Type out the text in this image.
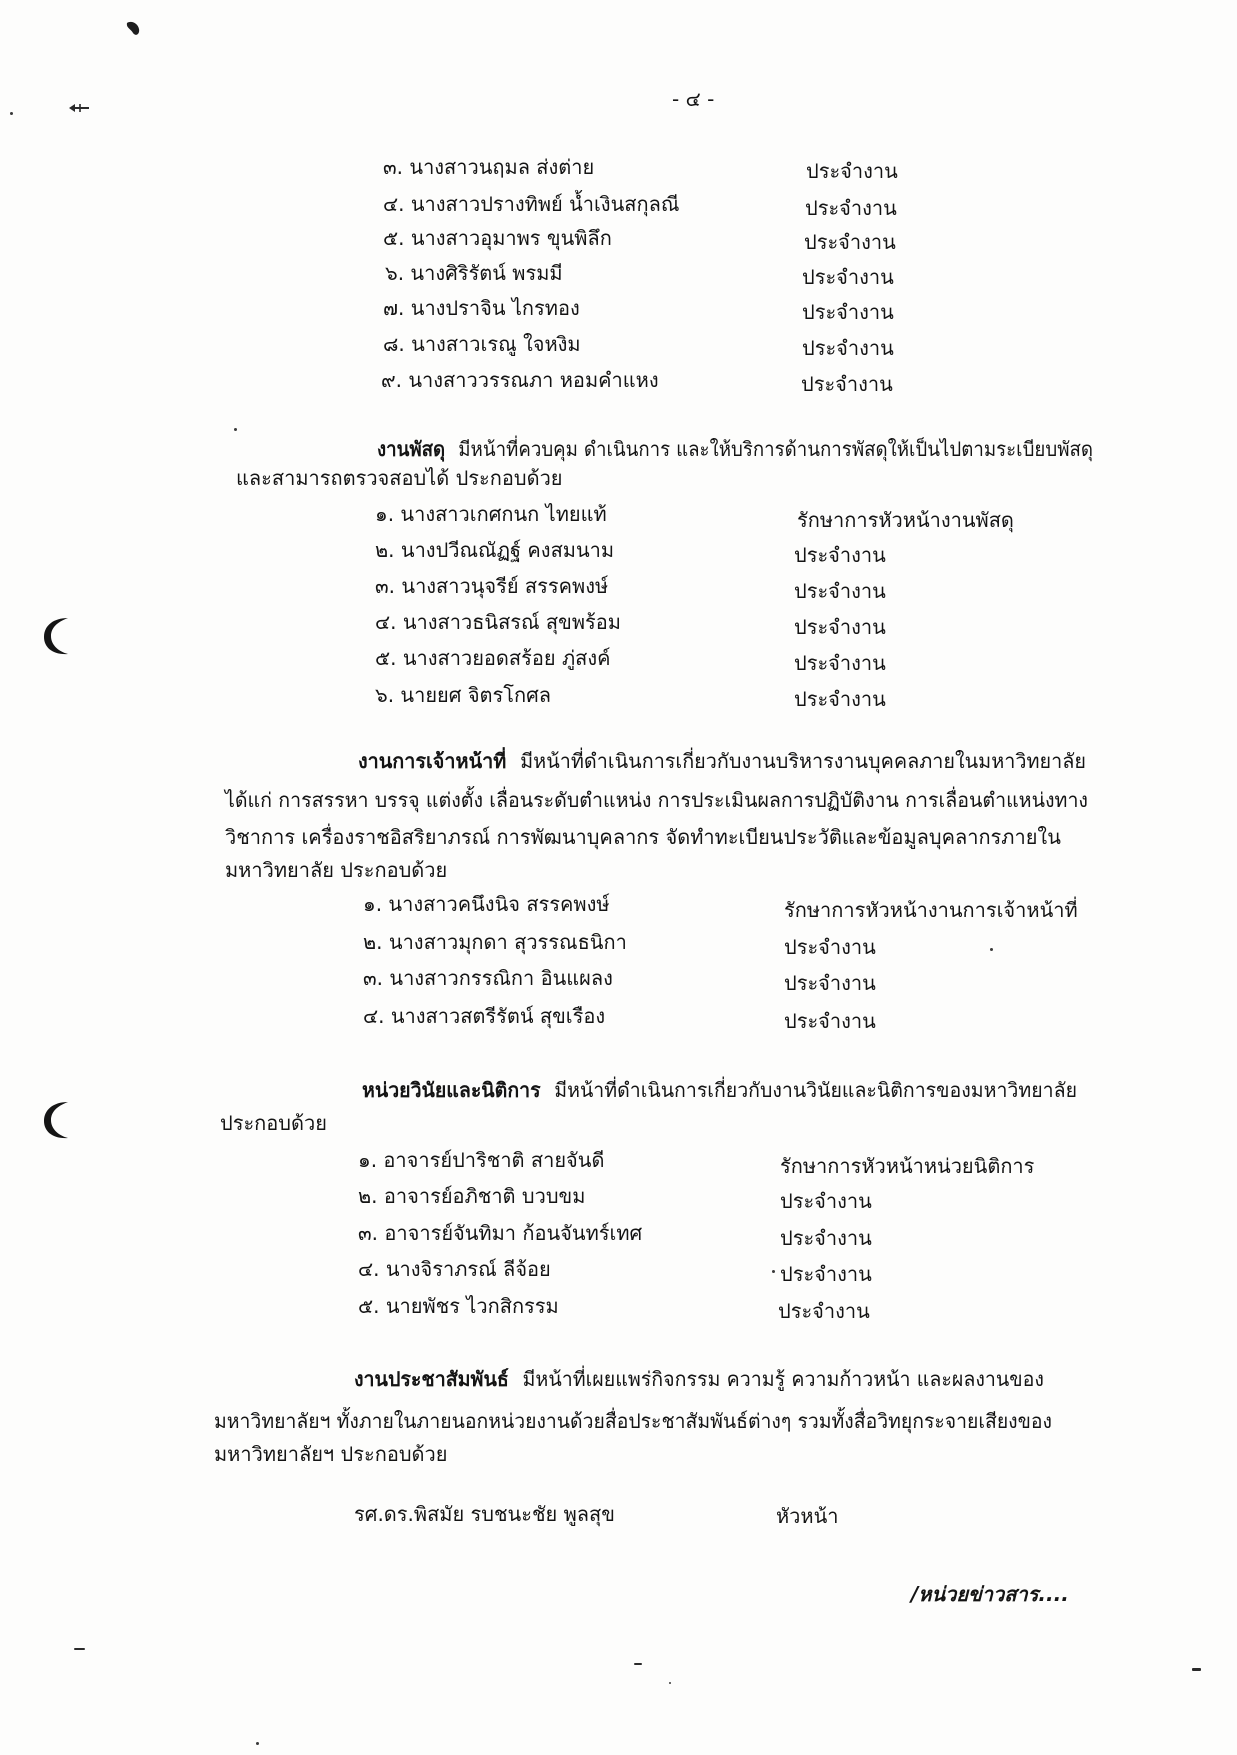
- ๔ -
๓. นางสาวนฤมล ส่งต่าย	ประจำงาน
๔. นางสาวปรางทิพย์ น้ำเงินสกุลณี	ประจำงาน
๕. นางสาวอุมาพร ขุนพิลึก	ประจำงาน
๖. นางศิริรัตน์ พรมมี	ประจำงาน
๗. นางปราจิน ไกรทอง	ประจำงาน
๘. นางสาวเรณู ใจหงิม	ประจำงาน
๙. นางสาววรรณภา หอมคำแหง	ประจำงาน
งานพัสดุ มีหน้าที่ควบคุม ดำเนินการ และให้บริการด้านการพัสดุให้เป็นไปตามระเบียบพัสดุ
และสามารถตรวจสอบได้ ประกอบด้วย
๑. นางสาวเกศกนก ไทยแท้	รักษาการหัวหน้างานพัสดุ
๒. นางปวีณณัฏฐ์ คงสมนาม	ประจำงาน
๓. นางสาวนุจรีย์ สรรคพงษ์	ประจำงาน
๔. นางสาวธนิสรณ์ สุขพร้อม	ประจำงาน
๕. นางสาวยอดสร้อย ภู่สงค์	ประจำงาน
๖. นายยศ จิตรโกศล	ประจำงาน
งานการเจ้าหน้าที่ มีหน้าที่ดำเนินการเกี่ยวกับงานบริหารงานบุคคลภายในมหาวิทยาลัย
ได้แก่ การสรรหา บรรจุ แต่งตั้ง เลื่อนระดับตำแหน่ง การประเมินผลการปฏิบัติงาน การเลื่อนตำแหน่งทาง
วิชาการ เครื่องราชอิสริยาภรณ์ การพัฒนาบุคลากร จัดทำทะเบียนประวัติและข้อมูลบุคลากรภายใน
มหาวิทยาลัย ประกอบด้วย
๑. นางสาวคนึงนิจ สรรคพงษ์	รักษาการหัวหน้างานการเจ้าหน้าที่
๒. นางสาวมุกดา สุวรรณธนิกา	ประจำงาน
๓. นางสาวกรรณิกา อินแผลง	ประจำงาน
๔. นางสาวสตรีรัตน์ สุขเรือง	ประจำงาน
หน่วยวินัยและนิติการ มีหน้าที่ดำเนินการเกี่ยวกับงานวินัยและนิติการของมหาวิทยาลัย
ประกอบด้วย
๑. อาจารย์ปาริชาติ สายจันดี	รักษาการหัวหน้าหน่วยนิติการ
๒. อาจารย์อภิชาติ บวบขม	ประจำงาน
๓. อาจารย์จันทิมา ก้อนจันทร์เทศ	ประจำงาน
๔. นางจิราภรณ์ ลีจ้อย	ประจำงาน
๕. นายพัชร ไวกสิกรรม	ประจำงาน
งานประชาสัมพันธ์ มีหน้าที่เผยแพร่กิจกรรม ความรู้ ความก้าวหน้า และผลงานของ
มหาวิทยาลัยฯ ทั้งภายในภายนอกหน่วยงานด้วยสื่อประชาสัมพันธ์ต่างๆ รวมทั้งสื่อวิทยุกระจายเสียงของ
มหาวิทยาลัยฯ ประกอบด้วย
รศ.ดร.พิสมัย รบชนะชัย พูลสุข	หัวหน้า
/หน่วยข่าวสาร....
